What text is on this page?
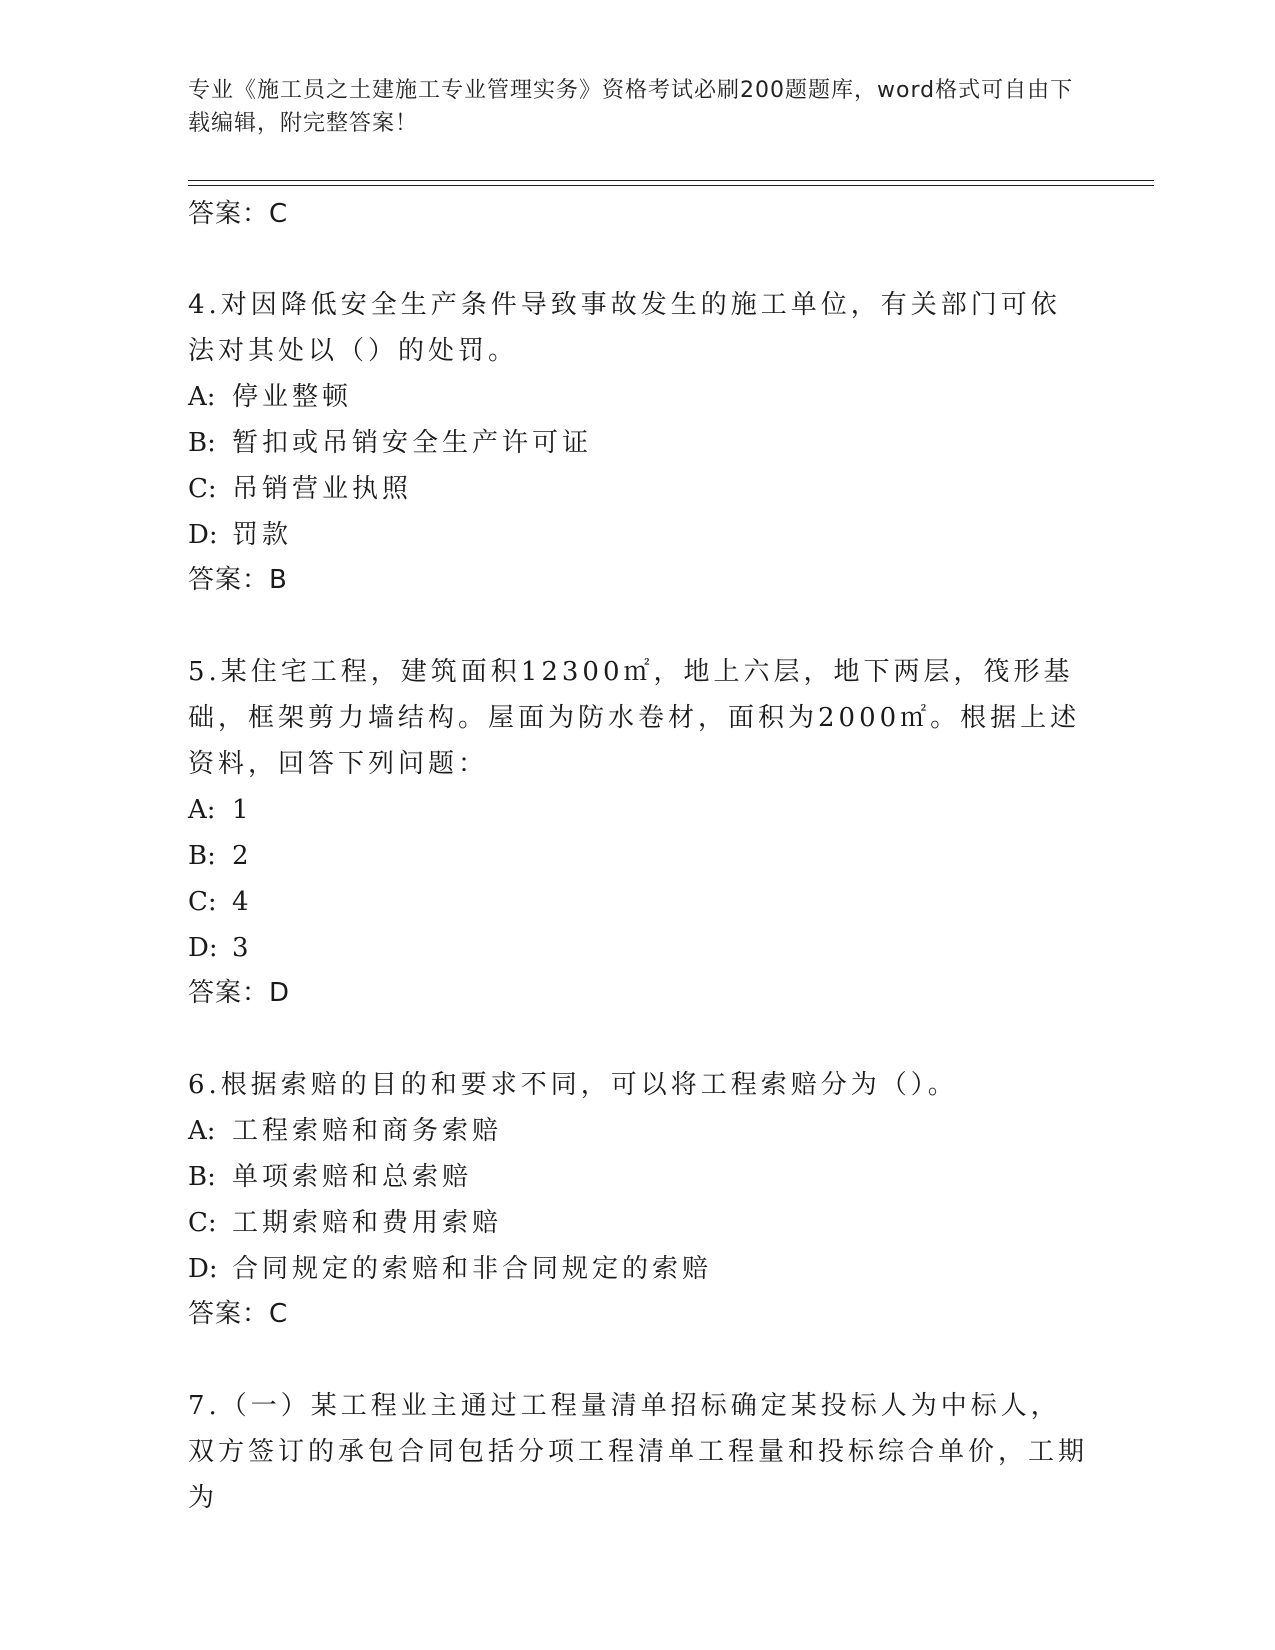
专业《施工员之土建施工专业管理实务》资格考试必刷200题题库，word格式可自由下载编辑，附完整答案！
答案：C
4.对因降低安全生产条件导致事故发生的施工单位，有关部门可依法对其处以（）的处罚。
A: 停业整顿
B: 暂扣或吊销安全生产许可证
C: 吊销营业执照
D: 罚款
答案：B
5.某住宅工程，建筑面积12300㎡，地上六层，地下两层，筏形基础，框架剪力墙结构。屋面为防水卷材，面积为2000㎡。根据上述资料，回答下列问题：
A: 1
B: 2
C: 4
D: 3
答案：D
6.根据索赔的目的和要求不同，可以将工程索赔分为（）。
A: 工程索赔和商务索赔
B: 单项索赔和总索赔
C: 工期索赔和费用索赔
D: 合同规定的索赔和非合同规定的索赔
答案：C
7.（一）某工程业主通过工程量清单招标确定某投标人为中标人，双方签订的承包合同包括分项工程清单工程量和投标综合单价，工期为
